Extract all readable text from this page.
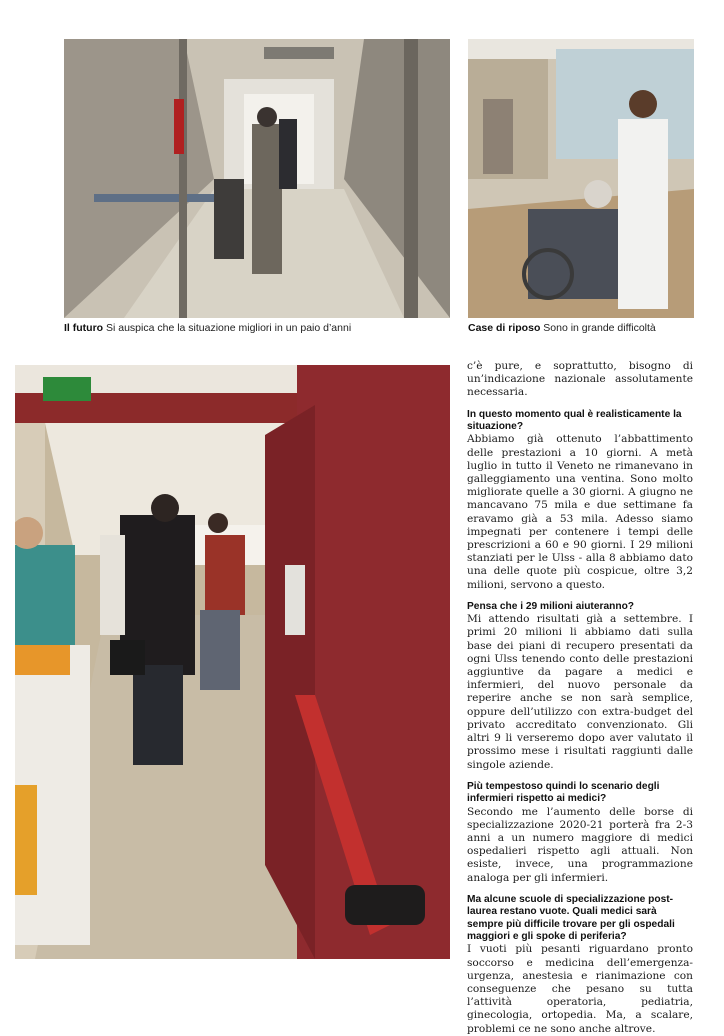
Il futuro Si auspica che la situazione migliori in un paio d’anni	Case di riposo Sono in grande difficoltà

c’è pure, e soprattutto, bisogno di un’indicazione nazionale assolutamente necessaria.

In questo momento qual è realisticamente la situazione?

Abbiamo già ottenuto l’abbattimento delle prestazioni a 10 giorni. A metà luglio in tutto il Veneto ne rimanevano in galleggiamento una ventina. Sono molto migliorate quelle a 30 giorni. A giugno ne mancavano 75 mila e due settimane fa eravamo già a 53 mila. Adesso siamo impegnati per contenere i tempi delle prescrizioni a 60 e 90 giorni. I 29 milioni stanziati per le Ulss - alla 8 abbiamo dato una delle quote più cospicue, oltre 3,2 milioni, servono a questo.

Pensa che i 29 milioni aiuteranno?

Mi attendo risultati già a settembre. I primi 20 milioni li abbiamo dati sulla base dei piani di recupero presentati da ogni Ulss tenendo conto delle prestazioni aggiuntive da pagare a medici e infermieri, del nuovo personale da reperire anche se non sarà semplice, oppure dell’utilizzo con extra-budget del privato accreditato convenzionato. Gli altri 9 li verseremo dopo aver valutato il prossimo mese i risultati raggiunti dalle singole aziende.

Più tempestoso quindi lo scenario degli infermieri rispetto ai medici?

Secondo me l’aumento delle borse di specializzazione 2020-21 porterà fra 2-3 anni a un numero maggiore di medici ospedalieri rispetto agli attuali. Non esiste, invece, una programmazione analoga per gli infermieri.

Ma alcune scuole di specializzazione post-laurea restano vuote. Quali medici sarà sempre più difficile trovare per gli ospedali maggiori e gli spoke di periferia?

I vuoti più pesanti riguardano pronto soccorso e medicina dell’emergenza-urgenza, anestesia e rianimazione con conseguenze che pesano su tutta l’attività operatoria, pediatria, ginecologia, ortopedia. Ma, a scalare, problemi ce ne sono anche altrove.
